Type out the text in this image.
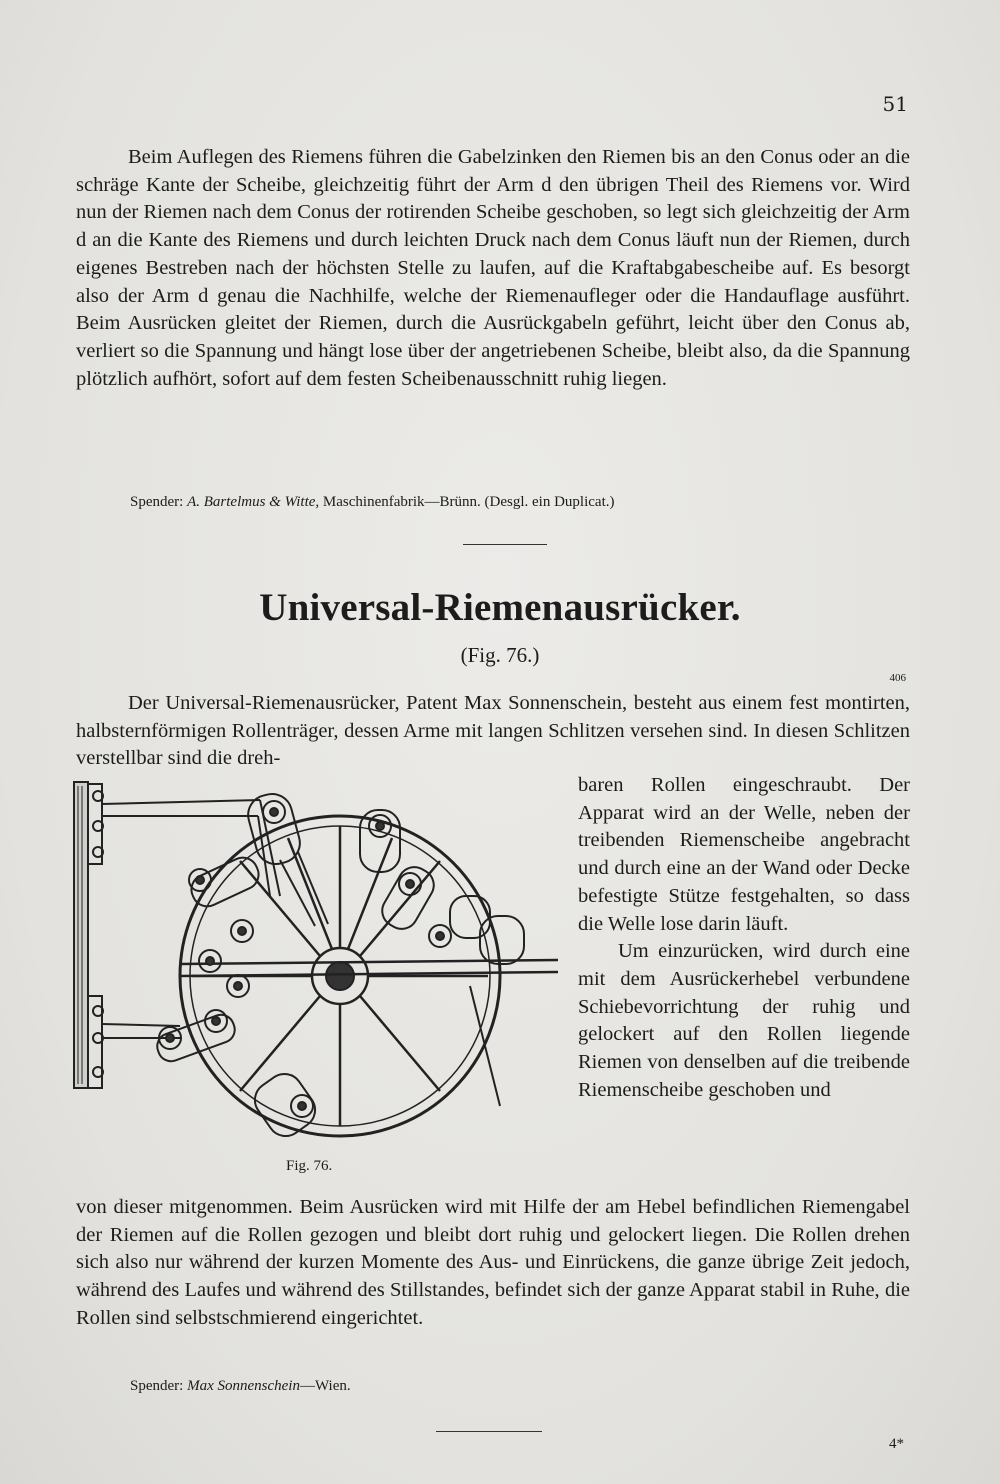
51

Beim Auflegen des Riemens führen die Gabelzinken den Riemen bis an den Conus oder an die schräge Kante der Scheibe, gleichzeitig führt der Arm d den übrigen Theil des Riemens vor. Wird nun der Riemen nach dem Conus der rotirenden Scheibe geschoben, so legt sich gleichzeitig der Arm d an die Kante des Riemens und durch leichten Druck nach dem Conus läuft nun der Riemen, durch eigenes Bestreben nach der höchsten Stelle zu laufen, auf die Kraftabgabescheibe auf. Es besorgt also der Arm d genau die Nachhilfe, welche der Riemenaufleger oder die Handauflage ausführt. Beim Ausrücken gleitet der Riemen, durch die Ausrückgabeln geführt, leicht über den Conus ab, verliert so die Spannung und hängt lose über der angetriebenen Scheibe, bleibt also, da die Spannung plötzlich aufhört, sofort auf dem festen Scheibenausschnitt ruhig liegen.

Spender: A. Bartelmus & Witte, Maschinenfabrik—Brünn. (Desgl. ein Duplicat.)
Universal-Riemenausrücker.
(Fig. 76.)
406

Der Universal-Riemenausrücker, Patent Max Sonnenschein, besteht aus einem fest montirten, halbsternförmigen Rollenträger, dessen Arme mit langen Schlitzen versehen sind. In diesen Schlitzen verstellbar sind die dreh-

Fig. 76.

baren Rollen eingeschraubt. Der Apparat wird an der Welle, neben der treibenden Riemenscheibe angebracht und durch eine an der Wand oder Decke befestigte Stütze festgehalten, so dass die Welle lose darin läuft.

Um einzurücken, wird durch eine mit dem Ausrückerhebel verbundene Schiebevorrichtung der ruhig und gelockert auf den Rollen liegende Riemen von denselben auf die treibende Riemenscheibe geschoben und

von dieser mitgenommen. Beim Ausrücken wird mit Hilfe der am Hebel befindlichen Riemengabel der Riemen auf die Rollen gezogen und bleibt dort ruhig und gelockert liegen. Die Rollen drehen sich also nur während der kurzen Momente des Aus- und Einrückens, die ganze übrige Zeit jedoch, während des Laufes und während des Stillstandes, befindet sich der ganze Apparat stabil in Ruhe, die Rollen sind selbstschmierend eingerichtet.

Spender: Max Sonnenschein—Wien.
4*
